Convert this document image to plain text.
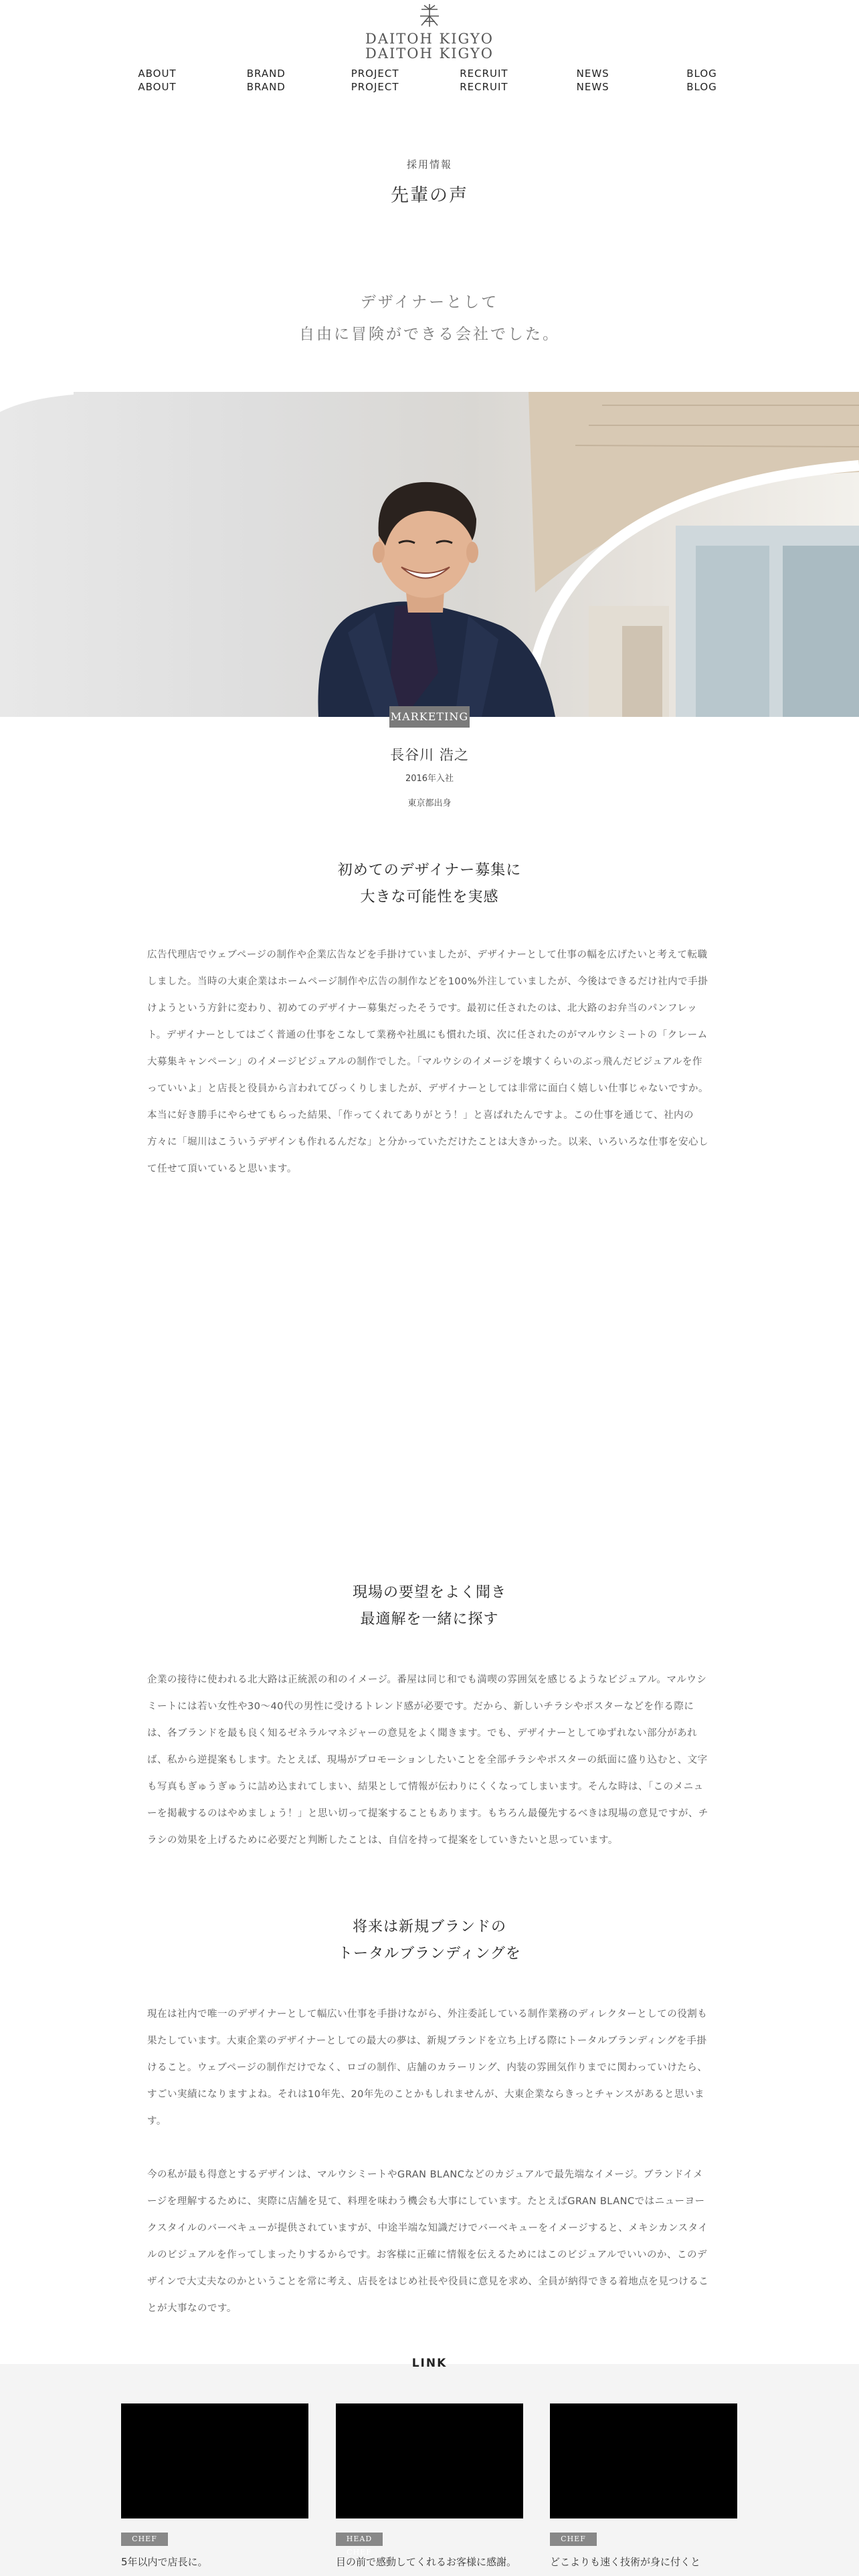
DAITOH KIGYO
DAITOH KIGYO
ABOUT
ABOUT
BRAND
BRAND
PROJECT
PROJECT
RECRUIT
RECRUIT
NEWS
NEWS
BLOG
BLOG
採用情報
先輩の声
デザイナーとして
自由に冒険ができる会社でした。
MARKETING
長谷川 浩之
2016年入社
東京都出身
初めてのデザイナー募集に
大きな可能性を実感
広告代理店でウェブページの制作や企業広告などを手掛けていましたが、デザイナーとして仕事の幅を広げたいと考えて転職しました。当時の大東企業はホームページ制作や広告の制作などを100%外注していましたが、今後はできるだけ社内で手掛けようという方針に変わり、初めてのデザイナー募集だったそうです。最初に任されたのは、北大路のお弁当のパンフレット。デザイナーとしてはごく普通の仕事をこなして業務や社風にも慣れた頃、次に任されたのがマルウシミートの「クレーム大募集キャンペーン」のイメージビジュアルの制作でした。「マルウシのイメージを壊すくらいのぶっ飛んだビジュアルを作っていいよ」と店長と役員から言われてびっくりしましたが、デザイナーとしては非常に面白く嬉しい仕事じゃないですか。本当に好き勝手にやらせてもらった結果、「作ってくれてありがとう！」と喜ばれたんですよ。この仕事を通じて、社内の方々に「堀川はこういうデザインも作れるんだな」と分かっていただけたことは大きかった。以来、いろいろな仕事を安心して任せて頂いていると思います。
現場の要望をよく聞き
最適解を一緒に探す
企業の接待に使われる北大路は正統派の和のイメージ。番屋は同じ和でも満喫の雰囲気を感じるようなビジュアル。マルウシミートには若い女性や30〜40代の男性に受けるトレンド感が必要です。だから、新しいチラシやポスターなどを作る際には、各ブランドを最も良く知るゼネラルマネジャーの意見をよく聞きます。でも、デザイナーとしてゆずれない部分があれば、私から逆提案もします。たとえば、現場がプロモーションしたいことを全部チラシやポスターの紙面に盛り込むと、文字も写真もぎゅうぎゅうに詰め込まれてしまい、結果として情報が伝わりにくくなってしまいます。そんな時は、「このメニューを掲載するのはやめましょう！」と思い切って提案することもあります。もちろん最優先するべきは現場の意見ですが、チラシの効果を上げるために必要だと判断したことは、自信を持って提案をしていきたいと思っています。
将来は新規ブランドの
トータルブランディングを
現在は社内で唯一のデザイナーとして幅広い仕事を手掛けながら、外注委託している制作業務のディレクターとしての役割も果たしています。大東企業のデザイナーとしての最大の夢は、新規ブランドを立ち上げる際にトータルブランディングを手掛けること。ウェブページの制作だけでなく、ロゴの制作、店舗のカラーリング、内装の雰囲気作りまでに関わっていけたら、すごい実績になりますよね。それは10年先、20年先のことかもしれませんが、大東企業ならきっとチャンスがあると思います。
今の私が最も得意とするデザインは、マルウシミートやGRAN BLANCなどのカジュアルで最先端なイメージ。ブランドイメージを理解するために、実際に店舗を見て、料理を味わう機会も大事にしています。たとえばGRAN BLANCではニューヨークスタイルのバーベキューが提供されていますが、中途半端な知識だけでバーベキューをイメージすると、メキシカンスタイルのビジュアルを作ってしまったりするからです。お客様に正確に情報を伝えるためにはこのビジュアルでいいのか、このデザインで大丈夫なのかということを常に考え、店長をはじめ社長や役員に意見を求め、全員が納得できる着地点を見つけることが大事なのです。
LINK
CHEF
5年以内で店長に。
HEAD CHEF
目の前で感動してくれるお客様に感謝。
CHEF
どこよりも速く技術が身に付くと
